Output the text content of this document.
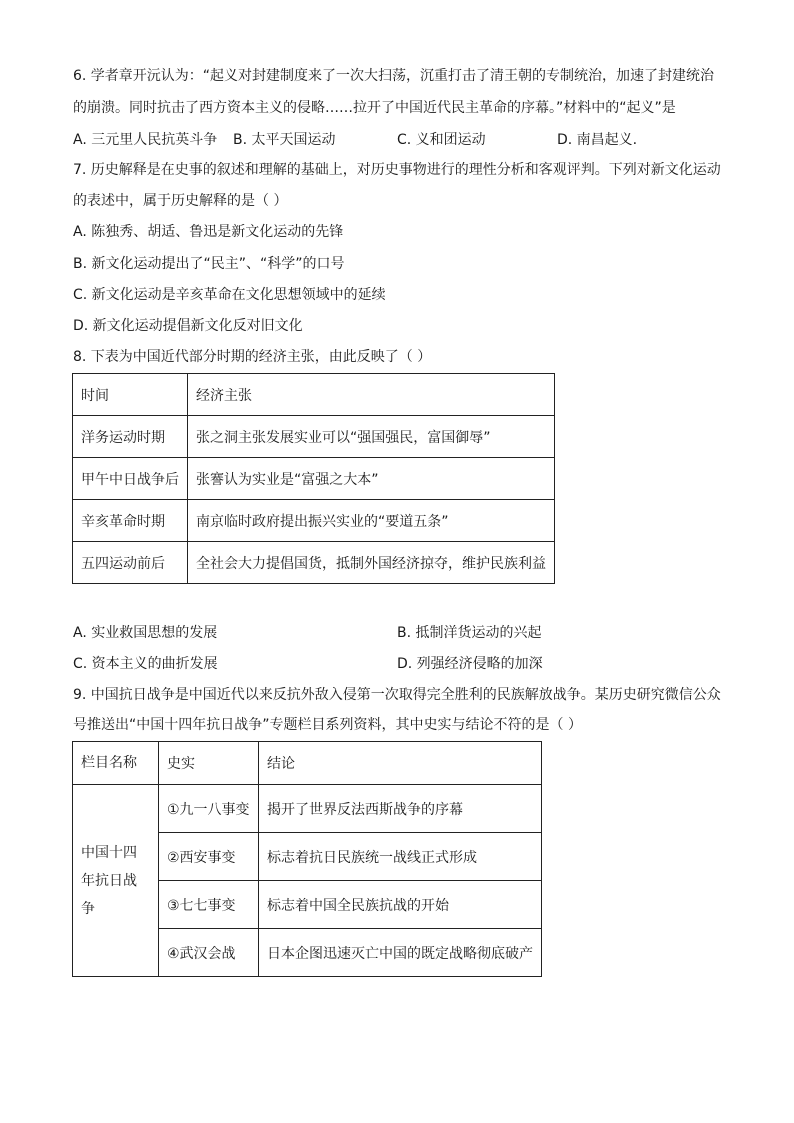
6. 学者章开沅认为：“起义对封建制度来了一次大扫荡，沉重打击了清王朝的专制统治，加速了封建统治
的崩溃。同时抗击了西方资本主义的侵略……拉开了中国近代民主革命的序幕。”材料中的“起义”是
A. 三元里人民抗英斗争 B. 太平天国运动	C. 义和团运动	D. 南昌起义.
7. 历史解释是在史事的叙述和理解的基础上，对历史事物进行的理性分析和客观评判。下列对新文化运动
的表述中，属于历史解释的是（ ）
A. 陈独秀、胡适、鲁迅是新文化运动的先锋
B. 新文化运动提出了“民主”、“科学”的口号
C. 新文化运动是辛亥革命在文化思想领域中的延续
D. 新文化运动提倡新文化反对旧文化
8. 下表为中国近代部分时期的经济主张，由此反映了（ ）
时间	经济主张
洋务运动时期	张之洞主张发展实业可以“强国强民，富国御辱”
甲午中日战争后	张謇认为实业是“富强之大本”
辛亥革命时期	南京临时政府提出振兴实业的“要道五条”
五四运动前后	全社会大力提倡国货，抵制外国经济掠夺，维护民族利益
A. 实业救国思想的发展	B. 抵制洋货运动的兴起
C. 资本主义的曲折发展	D. 列强经济侵略的加深
9. 中国抗日战争是中国近代以来反抗外敌入侵第一次取得完全胜利的民族解放战争。某历史研究微信公众
号推送出“中国十四年抗日战争”专题栏目系列资料，其中史实与结论不符的是（ ）
栏目名称	史实	结论
中国十四年抗日战争	①九一八事变	揭开了世界反法西斯战争的序幕
	②西安事变	标志着抗日民族统一战线正式形成
	③七七事变	标志着中国全民族抗战的开始
	④武汉会战	日本企图迅速灭亡中国的既定战略彻底破产
